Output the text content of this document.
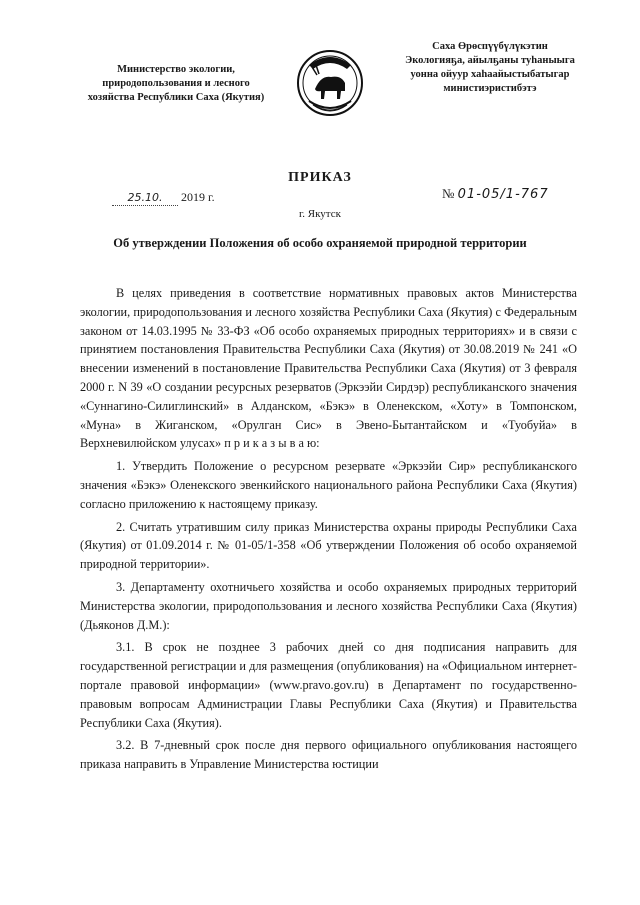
Министерство экологии,
природопользования и лесного
хозяйства Республики Саха (Якутия)
Саха Өрөспүүбүлүкэтин
Экологияҕа, айылҕаны туһаныыга
уонна ойуур хаһаайыстыбатыгар
министиэристибэтэ
ПРИКАЗ
25.10. 2019 г.	№ 01-05/1-767
г. Якутск
Об утверждении Положения об особо охраняемой природной территории

В целях приведения в соответствие нормативных правовых актов Министерства экологии, природопользования и лесного хозяйства Республики Саха (Якутия) с Федеральным законом от 14.03.1995 № 33-ФЗ «Об особо охраняемых природных территориях» и в связи с принятием постановления Правительства Республики Саха (Якутия) от 30.08.2019 № 241 «О внесении изменений в постановление Правительства Республики Саха (Якутия) от 3 февраля 2000 г. N 39 «О создании ресурсных резерватов (Эркээйи Сирдэр) республиканского значения «Суннагино-Силиглинский» в Алданском, «Бэкэ» в Оленекском, «Хоту» в Томпонском, «Муна» в Жиганском, «Орулган Сис» в Эвено-Бытантайском и «Туобуйа» в Верхневилюйском улусах» п р и к а з ы в а ю:

1. Утвердить Положение о ресурсном резервате «Эркээйи Сир» республиканского значения «Бэкэ» Оленекского эвенкийского национального района Республики Саха (Якутия) согласно приложению к настоящему приказу.

2. Считать утратившим силу приказ Министерства охраны природы Республики Саха (Якутия) от 01.09.2014 г. № 01-05/1-358 «Об утверждении Положения об особо охраняемой природной территории».

3. Департаменту охотничьего хозяйства и особо охраняемых природных территорий Министерства экологии, природопользования и лесного хозяйства Республики Саха (Якутия) (Дьяконов Д.М.):

3.1. В срок не позднее 3 рабочих дней со дня подписания направить для государственной регистрации и для размещения (опубликования) на «Официальном интернет-портале правовой информации» (www.pravo.gov.ru) в Департамент по государственно-правовым вопросам Администрации Главы Республики Саха (Якутия) и Правительства Республики Саха (Якутия).

3.2. В 7-дневный срок после дня первого официального опубликования настоящего приказа направить в Управление Министерства юстиции
